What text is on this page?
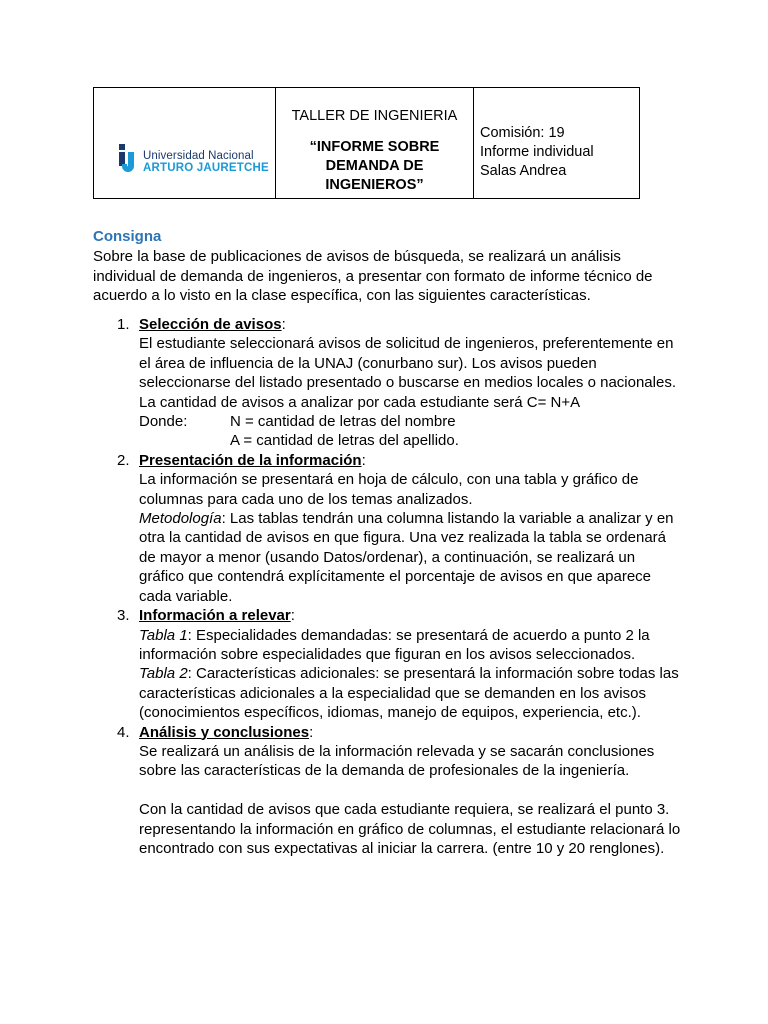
Universidad Nacional
ARTURO JAURETCHE

TALLER DE INGENIERIA
“INFORME SOBRE DEMANDA DE INGENIEROS”

Comisión: 19
Informe individual
Salas Andrea
Consigna
Sobre la base de publicaciones de avisos de búsqueda, se realizará un análisis individual de demanda de ingenieros, a presentar con formato de informe técnico de acuerdo a lo visto en la clase específica, con las siguientes características.
1. Selección de avisos:
El estudiante seleccionará avisos de solicitud de ingenieros, preferentemente en el área de influencia de la UNAJ (conurbano sur). Los avisos pueden seleccionarse del listado presentado o buscarse en medios locales o nacionales.
La cantidad de avisos a analizar por cada estudiante será C= N+A
Donde:	N = cantidad de letras del nombre
A = cantidad de letras del apellido.
2. Presentación de la información:
La información se presentará en hoja de cálculo, con una tabla y gráfico de columnas para cada uno de los temas analizados.
Metodología: Las tablas tendrán una columna listando la variable a analizar y en otra la cantidad de avisos en que figura. Una vez realizada la tabla se ordenará de mayor a menor (usando Datos/ordenar), a continuación, se realizará un gráfico que contendrá explícitamente el porcentaje de avisos en que aparece cada variable.
3. Información a relevar:
Tabla 1: Especialidades demandadas: se presentará de acuerdo a punto 2 la información sobre especialidades que figuran en los avisos seleccionados.
Tabla 2: Características adicionales: se presentará la información sobre todas las características adicionales a la especialidad que se demanden en los avisos (conocimientos específicos, idiomas, manejo de equipos, experiencia, etc.).
4. Análisis y conclusiones:
Se realizará un análisis de la información relevada y se sacarán conclusiones sobre las características de la demanda de profesionales de la ingeniería.
Con la cantidad de avisos que cada estudiante requiera, se realizará el punto 3. representando la información en gráfico de columnas, el estudiante relacionará lo encontrado con sus expectativas al iniciar la carrera. (entre 10 y 20 renglones).
